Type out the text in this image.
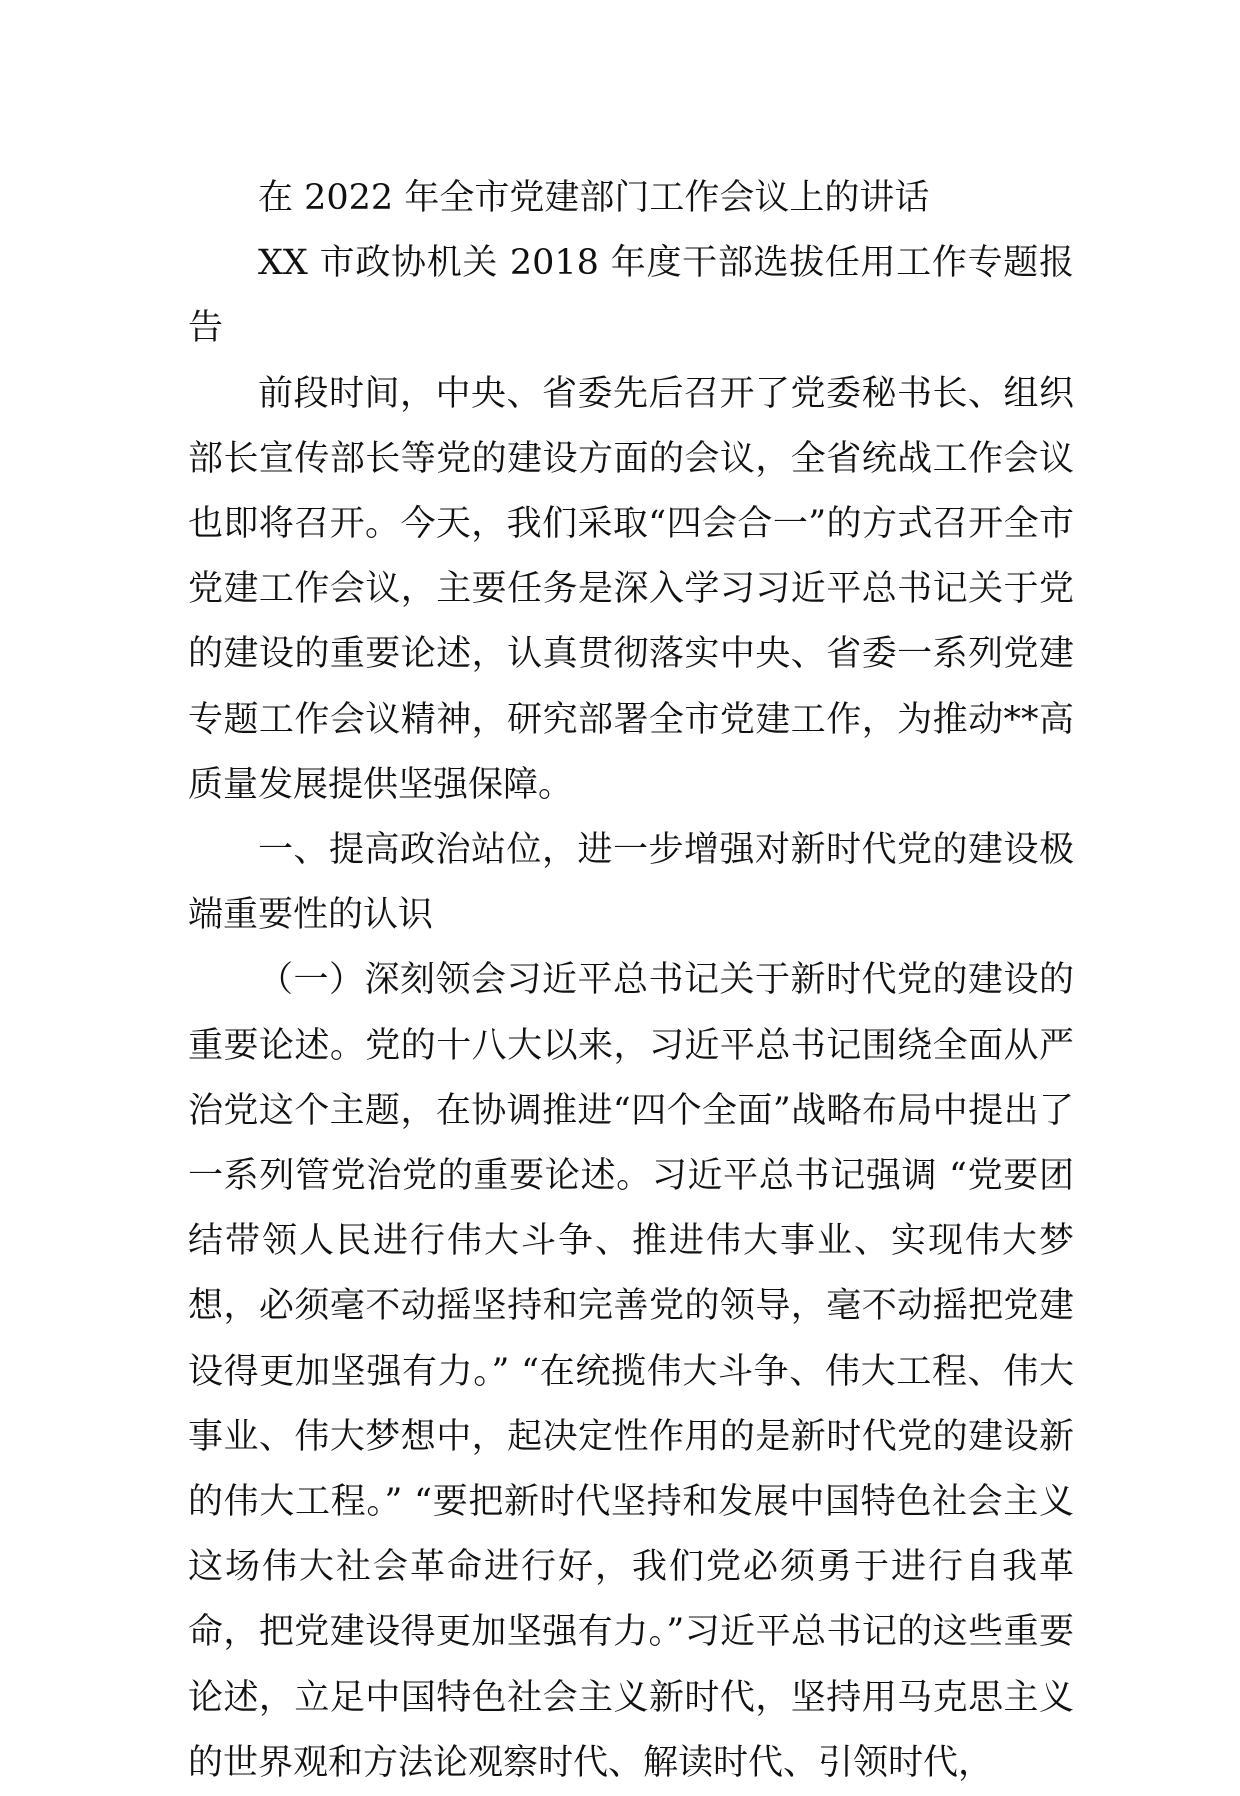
在 2022 年全市党建部门工作会议上的讲话

XX 市政协机关 2018 年度干部选拔任用工作专题报告

前段时间，中央、省委先后召开了党委秘书长、组织部长宣传部长等党的建设方面的会议，全省统战工作会议也即将召开。今天，我们采取“四会合一”的方式召开全市党建工作会议，主要任务是深入学习习近平总书记关于党的建设的重要论述，认真贯彻落实中央、省委一系列党建专题工作会议精神，研究部署全市党建工作，为推动**高质量发展提供坚强保障。

一、提高政治站位，进一步增强对新时代党的建设极端重要性的认识

（一）深刻领会习近平总书记关于新时代党的建设的重要论述。党的十八大以来，习近平总书记围绕全面从严治党这个主题，在协调推进“四个全面”战略布局中提出了一系列管党治党的重要论述。习近平总书记强调 “党要团结带领人民进行伟大斗争、推进伟大事业、实现伟大梦想，必须毫不动摇坚持和完善党的领导，毫不动摇把党建设得更加坚强有力。” “在统揽伟大斗争、伟大工程、伟大事业、伟大梦想中，起决定性作用的是新时代党的建设新的伟大工程。” “要把新时代坚持和发展中国特色社会主义这场伟大社会革命进行好，我们党必须勇于进行自我革命，把党建设得更加坚强有力。”习近平总书记的这些重要论述，立足中国特色社会主义新时代，坚持用马克思主义的世界观和方法论观察时代、解读时代、引领时代，
